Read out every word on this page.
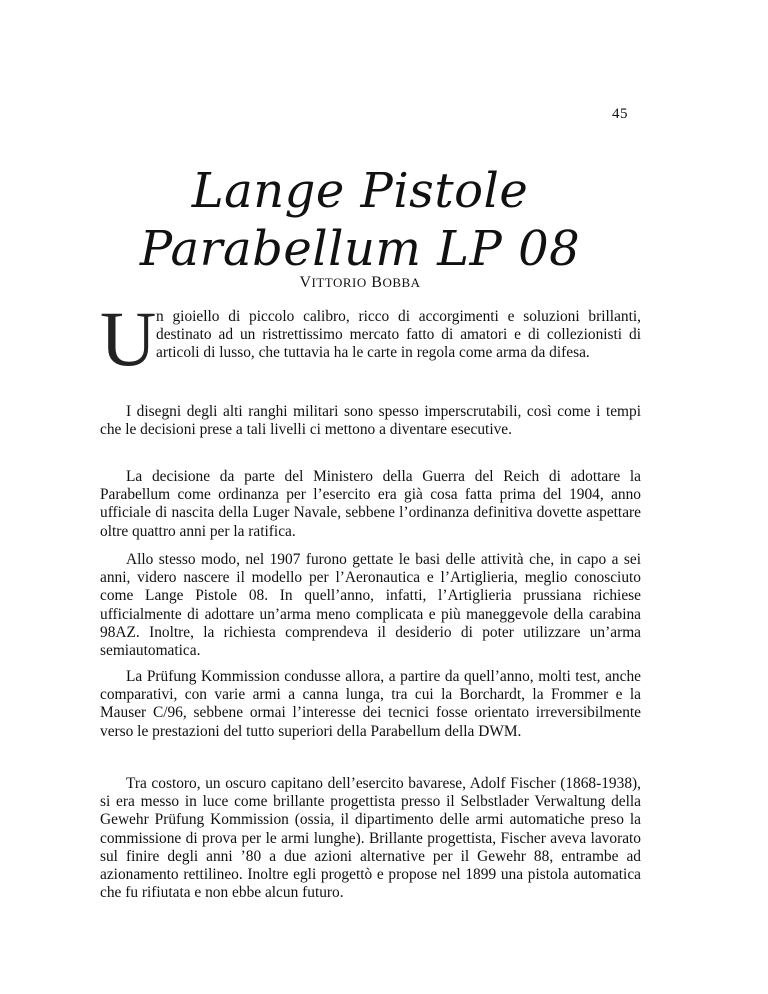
45
Lange Pistole
Parabellum LP 08
VITTORIO BOBBA
U n gioiello di piccolo calibro, ricco di accorgimenti e soluzioni brillanti, destinato ad un ristrettissimo mercato fatto di amatori e di collezionisti di articoli di lusso, che tuttavia ha le carte in regola come arma da difesa.

I disegni degli alti ranghi militari sono spesso imperscrutabili, così come i tempi che le decisioni prese a tali livelli ci mettono a diventare esecutive.

La decisione da parte del Ministero della Guerra del Reich di adottare la Parabellum come ordinanza per l’esercito era già cosa fatta prima del 1904, anno ufficiale di nascita della Luger Navale, sebbene l’ordinanza definitiva dovette aspettare oltre quattro anni per la ratifica.

Allo stesso modo, nel 1907 furono gettate le basi delle attività che, in capo a sei anni, videro nascere il modello per l’Aeronautica e l’Artiglieria, meglio conosciuto come Lange Pistole 08. In quell’anno, infatti, l’Artiglieria prussiana richiese ufficialmente di adottare un’arma meno complicata e più maneggevole della carabina 98AZ. Inoltre, la richiesta comprendeva il desiderio di poter utilizzare un’arma semiautomatica.

La Prüfung Kommission condusse allora, a partire da quell’anno, molti test, anche comparativi, con varie armi a canna lunga, tra cui la Borchardt, la Frommer e la Mauser C/96, sebbene ormai l’interesse dei tecnici fosse orientato irreversibilmente verso le prestazioni del tutto superiori della Parabellum della DWM.

Tra costoro, un oscuro capitano dell’esercito bavarese, Adolf Fischer (1868-1938), si era messo in luce come brillante progettista presso il Selbstlader Verwaltung della Gewehr Prüfung Kommission (ossia, il dipartimento delle armi automatiche preso la commissione di prova per le armi lunghe). Brillante progettista, Fischer aveva lavorato sul finire degli anni ’80 a due azioni alternative per il Gewehr 88, entrambe ad azionamento rettilineo. Inoltre egli progettò e propose nel 1899 una pistola automatica che fu rifiutata e non ebbe alcun futuro.
